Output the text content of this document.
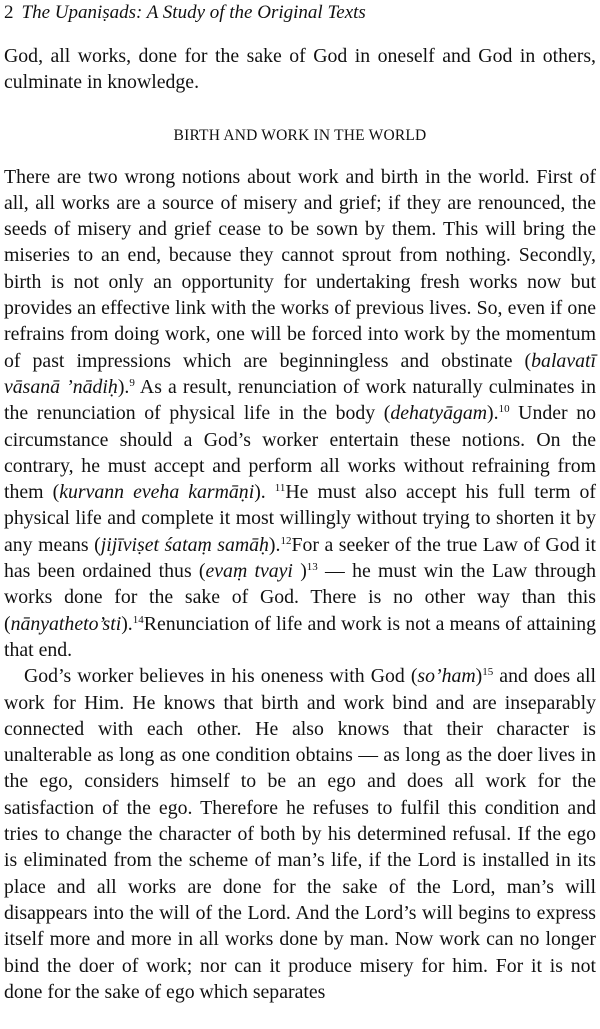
2 The Upaniṣads: A Study of the Original Texts

God, all works, done for the sake of God in oneself and God in others, culminate in knowledge.

BIRTH AND WORK IN THE WORLD

There are two wrong notions about work and birth in the world. First of all, all works are a source of misery and grief; if they are renounced, the seeds of misery and grief cease to be sown by them. This will bring the miseries to an end, because they cannot sprout from nothing. Secondly, birth is not only an opportunity for undertaking fresh works now but provides an effective link with the works of previous lives. So, even if one refrains from doing work, one will be forced into work by the momentum of past impressions which are beginningless and obstinate (balavatī vāsanā ’nādiḥ).$^9$ As a result, renunciation of work naturally culminates in the renunciation of physical life in the body (dehatyāgam).$^{10}$ Under no circumstance should a God’s worker entertain these notions. On the contrary, he must accept and perform all works without refraining from them (kurvann eveha karmāṇi). $^{11}$He must also accept his full term of physical life and complete it most willingly without trying to shorten it by any means (jijīviṣet śataṃ samāḥ).$^{12}$For a seeker of the true Law of God it has been ordained thus (evaṃ tvayi )$^{13}$ — he must win the Law through works done for the sake of God. There is no other way than this (nānyatheto’sti).$^{14}$Renunciation of life and work is not a means of attaining that end.

God’s worker believes in his oneness with God (so’ham)$^{15}$ and does all work for Him. He knows that birth and work bind and are inseparably connected with each other. He also knows that their character is unalterable as long as one condition obtains — as long as the doer lives in the ego, considers himself to be an ego and does all work for the satisfaction of the ego. Therefore he refuses to fulfil this condition and tries to change the character of both by his determined refusal. If the ego is eliminated from the scheme of man’s life, if the Lord is installed in its place and all works are done for the sake of the Lord, man’s will disappears into the will of the Lord. And the Lord’s will begins to express itself more and more in all works done by man. Now work can no longer bind the doer of work; nor can it produce misery for him. For it is not done for the sake of ego which separates
